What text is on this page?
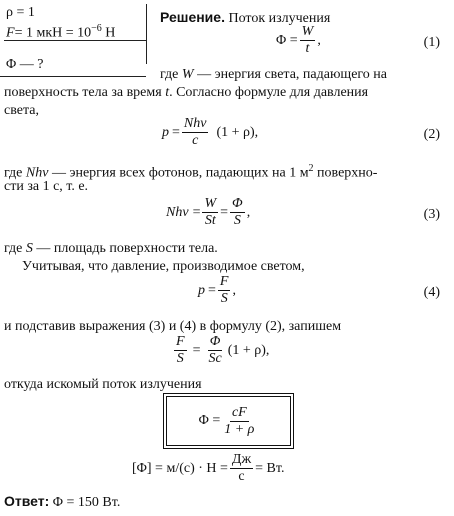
ρ = 1
F= 1 мкН = $10^{-6}$ Н
Φ — ?
Решение. Поток излучения
$\Phi = \frac{W}{t}$ ,	(1)
где W — энергия света, падающего на
поверхность тела за время t. Согласно формуле для давления
света,
$p = \frac{\text{Nhν}}{c} (1 + \rho)$,	(2)
где Nhν — энергия всех фотонов, падающих на 1 $м^2$ поверхно-
сти за 1 с, т. е.
$Nh\nu = \frac{W}{St} = \frac{\Phi}{S}$ ,	(3)
где S — площадь поверхности тела.
Учитывая, что давление, производимое светом,
$p = \frac{F}{S}$ ,	(4)
и подставив выражения (3) и (4) в формулу (2), запишем
$\frac{F}{S} = \frac{\Phi}{Sc} (1 + \rho)$,
откуда искомый поток излучения
$\Phi = \frac{cF}{1 + \rho}$
$[\Phi] = м/(с) \cdot Н = \frac{Дж}{с}$ = Вт.
Ответ: Φ = 150 Вт.
